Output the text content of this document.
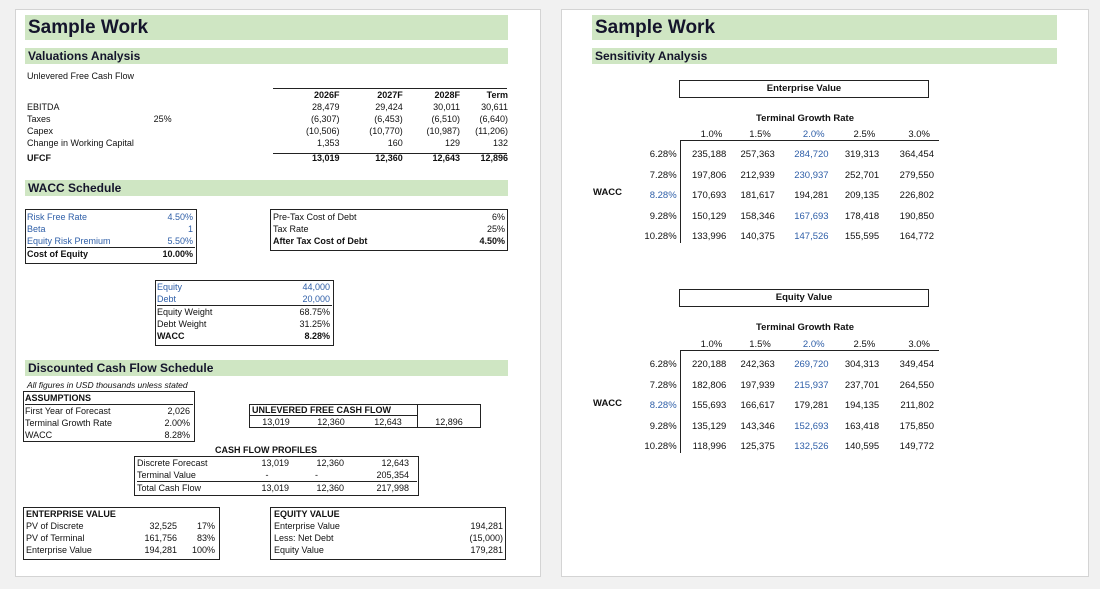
Sample Work
Valuations Analysis
Unlevered Free Cash Flow
		2026F	2027F	2028F	Term
EBITDA		28,479	29,424	30,011	30,611
Taxes	25%	(6,307)	(6,453)	(6,510)	(6,640)
Capex		(10,506)	(10,770)	(10,987)	(11,206)
Change in Working Capital		1,353	160	129	132
UFCF		13,019	12,360	12,643	12,896
WACC Schedule
Risk Free Rate	4.50%
Beta	1
Equity Risk Premium	5.50%
Cost of Equity	10.00%
Pre-Tax Cost of Debt	6%
Tax Rate	25%
After Tax Cost of Debt	4.50%
Equity	44,000
Debt	20,000
Equity Weight	68.75%
Debt Weight	31.25%
WACC	8.28%
Discounted Cash Flow Schedule
All figures in USD thousands unless stated
ASSUMPTIONS	
First Year of Forecast	2,026
Terminal Growth Rate	2.00%
WACC	8.28%
UNLEVERED FREE CASH FLOW
13,019	12,360	12,643	12,896
CASH FLOW PROFILES
Discrete Forecast	13,019	12,360	12,643	
Terminal Value	-	-	205,354	
Total Cash Flow	13,019	12,360	217,998	
ENTERPRISE VALUE		
PV of Discrete	32,525	17%
PV of Terminal	161,756	83%
Enterprise Value	194,281	100%
EQUITY VALUE	
Enterprise Value	194,281
Less: Net Debt	(15,000)
Equity Value	179,281
Sample Work
Sensitivity Analysis
Enterprise Value
Terminal Growth Rate
WACC
	1.0%	1.5%	2.0%	2.5%	3.0%
6.28%	235,188	257,363	284,720	319,313	364,454
7.28%	197,806	212,939	230,937	252,701	279,550
8.28%	170,693	181,617	194,281	209,135	226,802
9.28%	150,129	158,346	167,693	178,418	190,850
10.28%	133,996	140,375	147,526	155,595	164,772
Equity Value
Terminal Growth Rate
WACC
	1.0%	1.5%	2.0%	2.5%	3.0%
6.28%	220,188	242,363	269,720	304,313	349,454
7.28%	182,806	197,939	215,937	237,701	264,550
8.28%	155,693	166,617	179,281	194,135	211,802
9.28%	135,129	143,346	152,693	163,418	175,850
10.28%	118,996	125,375	132,526	140,595	149,772
